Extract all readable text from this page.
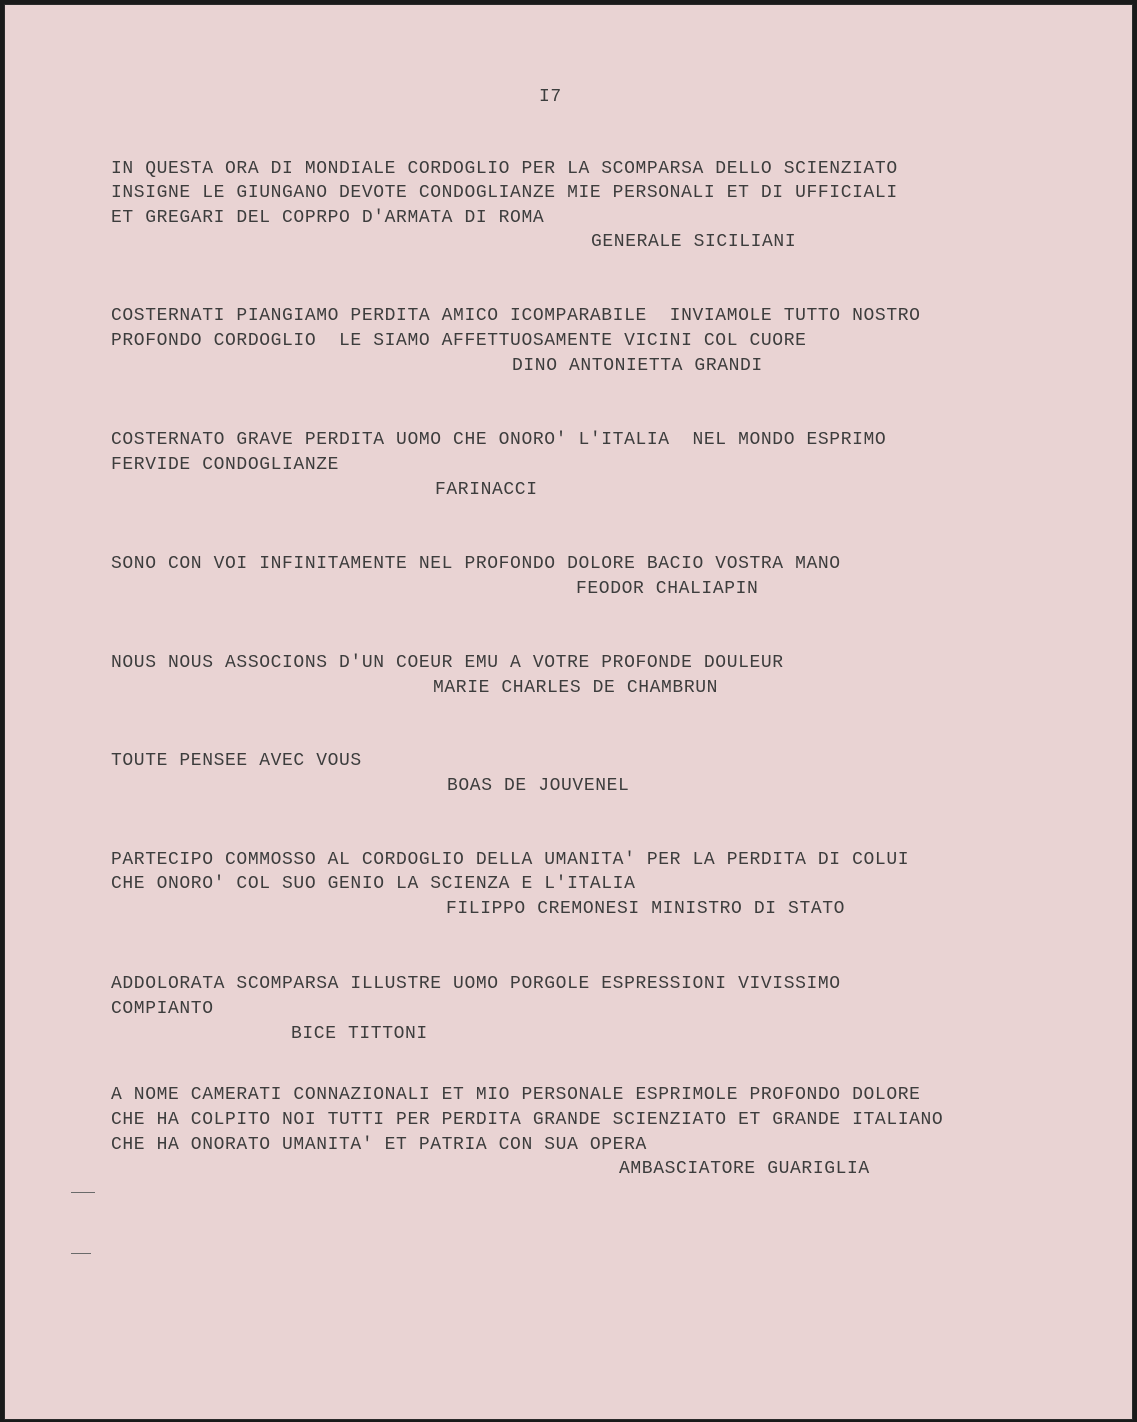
I7
IN QUESTA ORA DI MONDIALE CORDOGLIO PER LA SCOMPARSA DELLO SCIENZIATO
INSIGNE LE GIUNGANO DEVOTE CONDOGLIANZE MIE PERSONALI ET DI UFFICIALI
ET GREGARI DEL COPRPO D'ARMATA DI ROMA
GENERALE SICILIANI
COSTERNATI PIANGIAMO PERDITA AMICO ICOMPARABILE  INVIAMOLE TUTTO NOSTRO
PROFONDO CORDOGLIO  LE SIAMO AFFETTUOSAMENTE VICINI COL CUORE
DINO ANTONIETTA GRANDI
COSTERNATO GRAVE PERDITA UOMO CHE ONORO' L'ITALIA  NEL MONDO ESPRIMO
FERVIDE CONDOGLIANZE
FARINACCI
SONO CON VOI INFINITAMENTE NEL PROFONDO DOLORE BACIO VOSTRA MANO
FEODOR CHALIAPIN
NOUS NOUS ASSOCIONS D'UN COEUR EMU A VOTRE PROFONDE DOULEUR
MARIE CHARLES DE CHAMBRUN
TOUTE PENSEE AVEC VOUS
BOAS DE JOUVENEL
PARTECIPO COMMOSSO AL CORDOGLIO DELLA UMANITA' PER LA PERDITA DI COLUI
CHE ONORO' COL SUO GENIO LA SCIENZA E L'ITALIA
FILIPPO CREMONESI MINISTRO DI STATO
ADDOLORATA SCOMPARSA ILLUSTRE UOMO PORGOLE ESPRESSIONI VIVISSIMO
COMPIANTO
BICE TITTONI
A NOME CAMERATI CONNAZIONALI ET MIO PERSONALE ESPRIMOLE PROFONDO DOLORE
CHE HA COLPITO NOI TUTTI PER PERDITA GRANDE SCIENZIATO ET GRANDE ITALIANO
CHE HA ONORATO UMANITA' ET PATRIA CON SUA OPERA
AMBASCIATORE GUARIGLIA
